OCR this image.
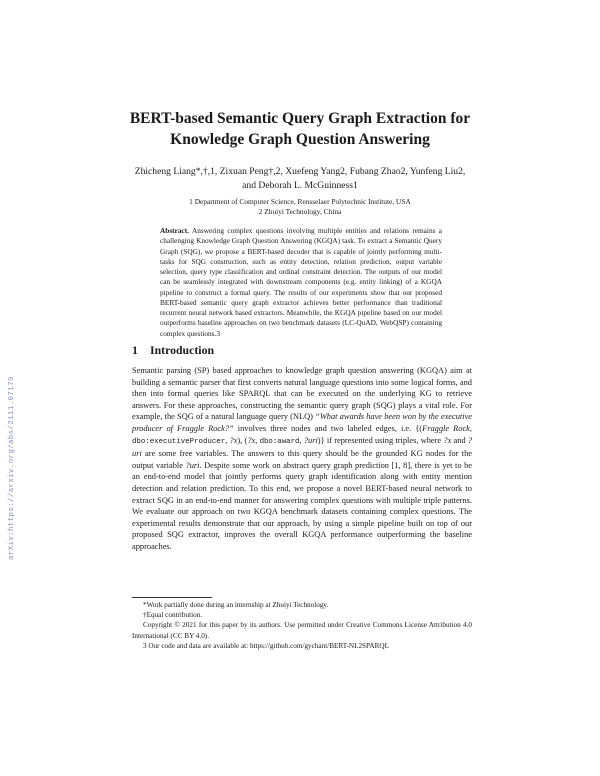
arXiv:https://arxiv.org/abs/2111.07179
BERT-based Semantic Query Graph Extraction for
Knowledge Graph Question Answering
Zhicheng Liang*,†,1, Zixuan Peng†,2, Xuefeng Yang2, Fubang Zhao2, Yunfeng Liu2,
and Deborah L. McGuinness1
1 Department of Computer Science, Rensselaer Polytechnic Institute, USA
2 Zhuiyi Technology, China
Abstract. Answering complex questions involving multiple entities and relations remains a challenging Knowledge Graph Question Answering (KGQA) task. To extract a Semantic Query Graph (SQG), we propose a BERT-based decoder that is capable of jointly performing multi-tasks for SQG construction, such as entity detection, relation prediction, output variable selection, query type classification and ordinal constraint detection. The outputs of our model can be seamlessly integrated with downstream components (e.g. entity linking) of a KGQA pipeline to construct a formal query. The results of our experiments show that our proposed BERT-based semantic query graph extractor achieves better performance than traditional recurrent neural network based extractors. Meanwhile, the KGQA pipeline based on our model outperforms baseline approaches on two benchmark datasets (LC-QuAD, WebQSP) containing complex questions.3
1 Introduction

Semantic parsing (SP) based approaches to knowledge graph question answering (KGQA) aim at building a semantic parser that first converts natural language questions into some logical forms, and then into formal queries like SPARQL that can be executed on the underlying KG to retrieve answers. For these approaches, constructing the semantic query graph (SQG) plays a vital role. For example, the SQG of a natural language query (NLQ) “What awards have been won by the executive producer of Fraggle Rock?” involves three nodes and two labeled edges, i.e. {(Fraggle Rock, dbo:executiveProducer, ?x), (?x, dbo:award, ?uri)} if represented using triples, where ?x and ?uri are some free variables. The answers to this query should be the grounded KG nodes for the output variable ?uri. Despite some work on abstract query graph prediction [1, 8], there is yet to be an end-to-end model that jointly performs query graph identification along with entity mention detection and relation prediction. To this end, we propose a novel BERT-based neural network to extract SQG in an end-to-end manner for answering complex questions with multiple triple patterns. We evaluate our approach on two KGQA benchmark datasets containing complex questions. The experimental results demonstrate that our approach, by using a simple pipeline built on top of our proposed SQG extractor, improves the overall KGQA performance outperforming the baseline approaches.

*Work partially done during an internship at Zhuiyi Technology.

†Equal contribution.

Copyright © 2021 for this paper by its authors. Use permitted under Creative Commons License Attribution 4.0 International (CC BY 4.0).

3 Our code and data are available at: https://github.com/gychant/BERT-NL2SPARQL
